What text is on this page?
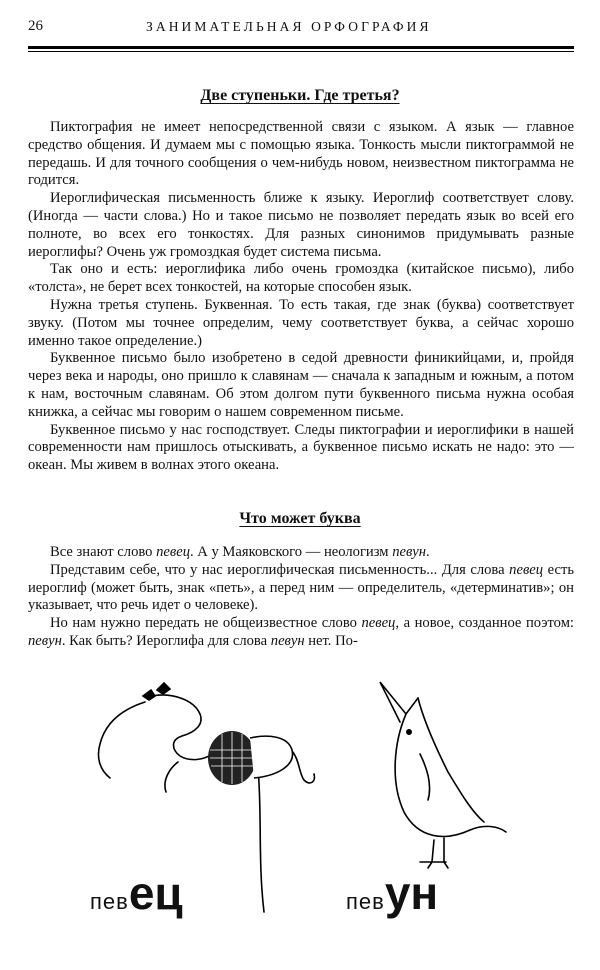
26	ЗАНИМАТЕЛЬНАЯ ОРФОГРАФИЯ
Две ступеньки. Где третья?

Пиктография не имеет непосредственной связи с языком. А язык — главное средство общения. И думаем мы с помощью языка. Тонкость мысли пиктограммой не передашь. И для точного сообщения о чем-нибудь новом, неизвестном пиктограмма не годится.

Иероглифическая письменность ближе к языку. Иероглиф соответствует слову. (Иногда — части слова.) Но и такое письмо не позволяет передать язык во всей его полноте, во всех его тонкостях. Для разных синонимов придумывать разные иероглифы? Очень уж громоздкая будет система письма.

Так оно и есть: иероглифика либо очень громоздка (китайское письмо), либо «толста», не берет всех тонкостей, на которые способен язык.

Нужна третья ступень. Буквенная. То есть такая, где знак (буква) соответствует звуку. (Потом мы точнее определим, чему соответствует буква, а сейчас хорошо именно такое определение.)

Буквенное письмо было изобретено в седой древности финикийцами, и, пройдя через века и народы, оно пришло к славянам — сначала к западным и южным, а потом к нам, восточным славянам. Об этом долгом пути буквенного письма нужна особая книжка, а сейчас мы говорим о нашем современном письме.

Буквенное письмо у нас господствует. Следы пиктографии и иероглифики в нашей современности нам пришлось отыскивать, а буквенное письмо искать не надо: это — океан. Мы живем в волнах этого океана.

Что может буква

Все знают слово певец. А у Маяковского — неологизм певун.

Представим себе, что у нас иероглифическая письменность... Для слова певец есть иероглиф (может быть, знак «петь», а перед ним — определитель, «детерминатив»; он указывает, что речь идет о человеке).

Но нам нужно передать не общеизвестное слово певец, а новое, созданное поэтом: певун. Как быть? Иероглифа для слова певун нет. По-

певец	певун
